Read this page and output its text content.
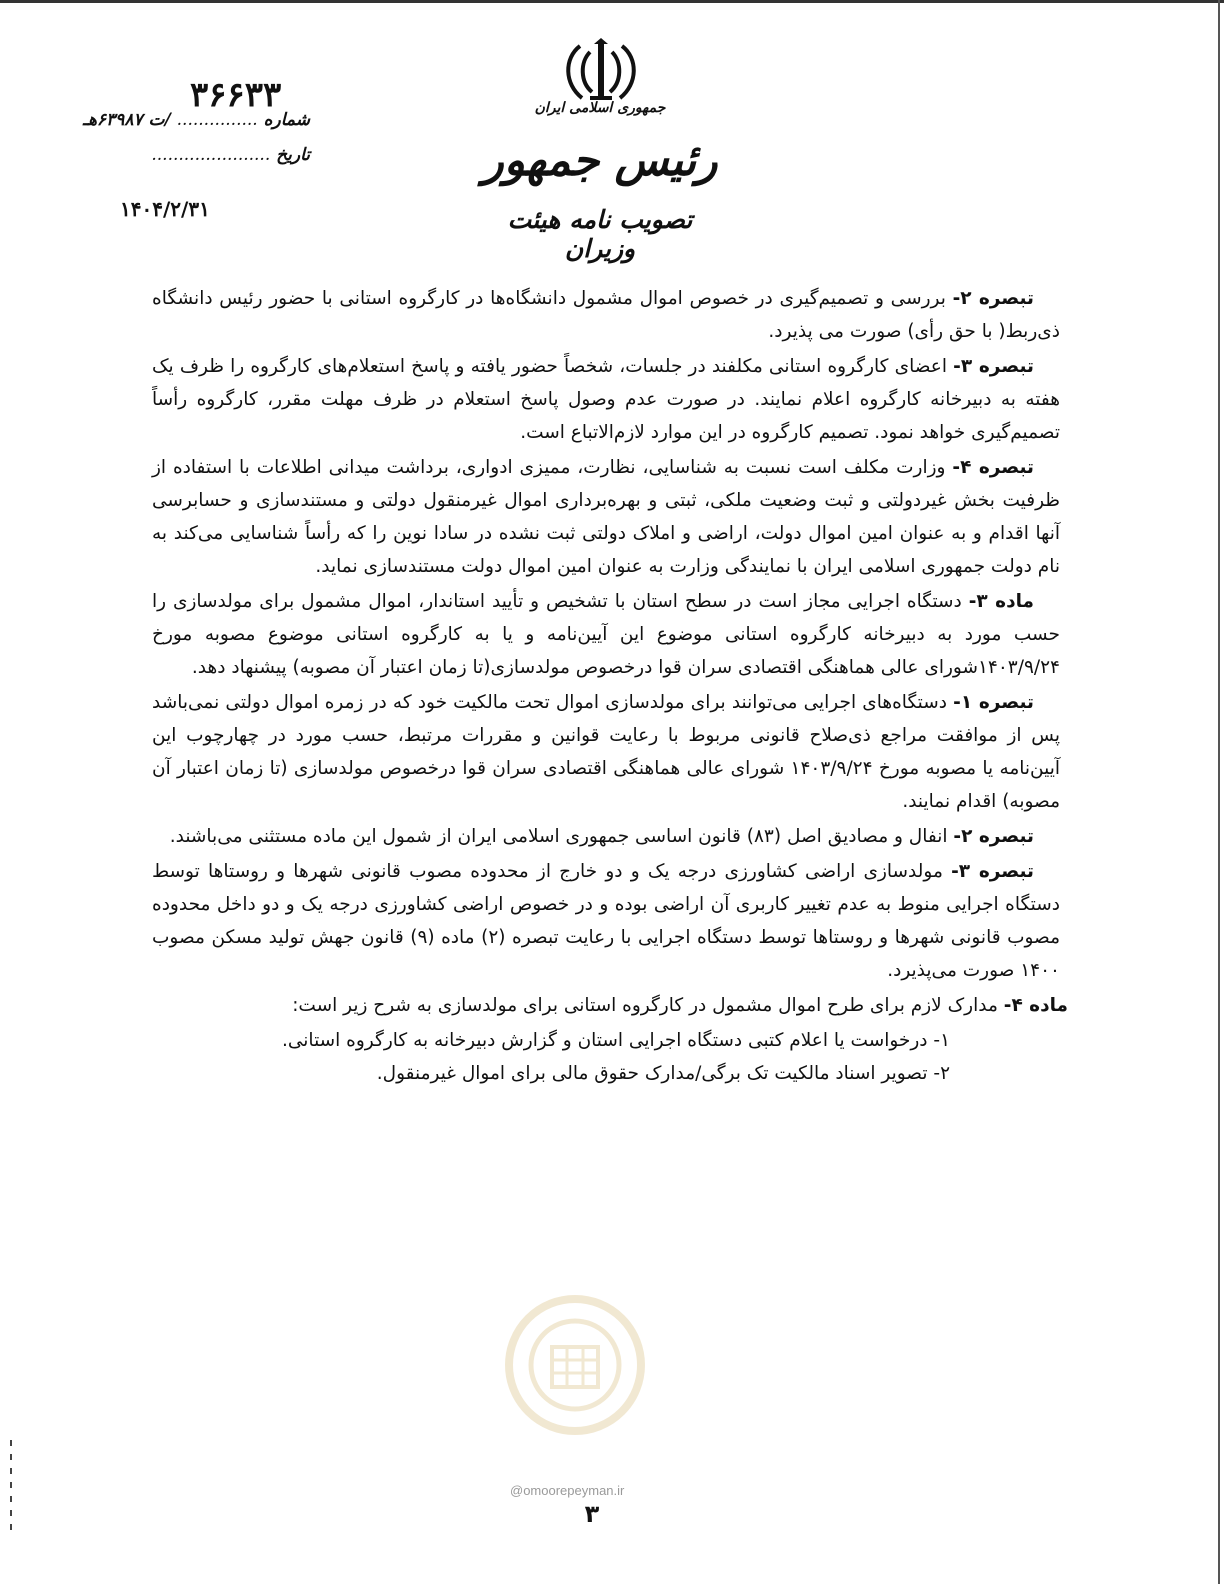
۳۶۶۳۳
شماره ............... /ت ۶۳۹۸۷هـ
تاریخ ......................
۱۴۰۴/۲/۳۱
جمهوری اسلامی ایران
رئیس جمهور
تصویب نامه هیئت وزیران

تبصره ۲- بررسی و تصمیم‌گیری در خصوص اموال مشمول دانشگاه‌ها در کارگروه استانی با حضور رئیس دانشگاه ذی‌ربط( با حق رأی) صورت می پذیرد.

تبصره ۳- اعضای کارگروه استانی مکلفند در جلسات، شخصاً حضور یافته و پاسخ استعلام‌های کارگروه را ظرف یک هفته به دبیرخانه کارگروه اعلام نمایند. در صورت عدم وصول پاسخ استعلام در ظرف مهلت مقرر، کارگروه رأساً تصمیم‌گیری خواهد نمود. تصمیم کارگروه در این موارد لازم‌الاتباع است.

تبصره ۴- وزارت مکلف است نسبت به شناسایی، نظارت، ممیزی ادواری، برداشت میدانی اطلاعات با استفاده از ظرفیت بخش غیردولتی و ثبت وضعیت ملکی، ثبتی و بهره‌برداری اموال غیرمنقول دولتی و مستندسازی و حسابرسی آنها اقدام و به عنوان امین اموال دولت، اراضی و املاک دولتی ثبت نشده در سادا نوین را که رأساً شناسایی می‌کند به نام دولت جمهوری اسلامی ایران با نمایندگی وزارت به عنوان امین اموال دولت مستندسازی نماید.

ماده ۳- دستگاه اجرایی مجاز است در سطح استان با تشخیص و تأیید استاندار، اموال مشمول برای مولدسازی را حسب مورد به دبیرخانه کارگروه استانی موضوع این آیین‌نامه و یا به کارگروه استانی موضوع مصوبه مورخ ۱۴۰۳/۹/۲۴شورای عالی هماهنگی اقتصادی سران قوا درخصوص مولدسازی(تا زمان اعتبار آن مصوبه) پیشنهاد دهد.

تبصره ۱- دستگاه‌های اجرایی می‌توانند برای مولدسازی اموال تحت مالکیت خود که در زمره اموال دولتی نمی‌باشد پس از موافقت مراجع ذی‌صلاح قانونی مربوط با رعایت قوانین و مقررات مرتبط، حسب مورد در چهارچوب این آیین‌نامه یا مصوبه مورخ ۱۴۰۳/۹/۲۴ شورای عالی هماهنگی اقتصادی سران قوا درخصوص مولدسازی (تا زمان اعتبار آن مصوبه) اقدام نمایند.

تبصره ۲- انفال و مصادیق اصل (۸۳) قانون اساسی جمهوری اسلامی ایران از شمول این ماده مستثنی می‌باشند.

تبصره ۳- مولدسازی اراضی کشاورزی درجه یک و دو خارج از محدوده مصوب قانونی شهرها و روستاها توسط دستگاه اجرایی منوط به عدم تغییر کاربری آن اراضی بوده و در خصوص اراضی کشاورزی درجه یک و دو داخل محدوده مصوب قانونی شهرها و روستاها توسط دستگاه اجرایی با رعایت تبصره (۲) ماده (۹) قانون جهش تولید مسکن مصوب ۱۴۰۰ صورت می‌پذیرد.

ماده ۴- مدارک لازم برای طرح اموال مشمول در کارگروه استانی برای مولدسازی به شرح زیر است:

۱- درخواست یا اعلام کتبی دستگاه اجرایی استان و گزارش دبیرخانه به کارگروه استانی.

۲- تصویر اسناد مالکیت تک برگی/مدارک حقوق مالی برای اموال غیرمنقول.

@omoorepeyman.ir
۳
